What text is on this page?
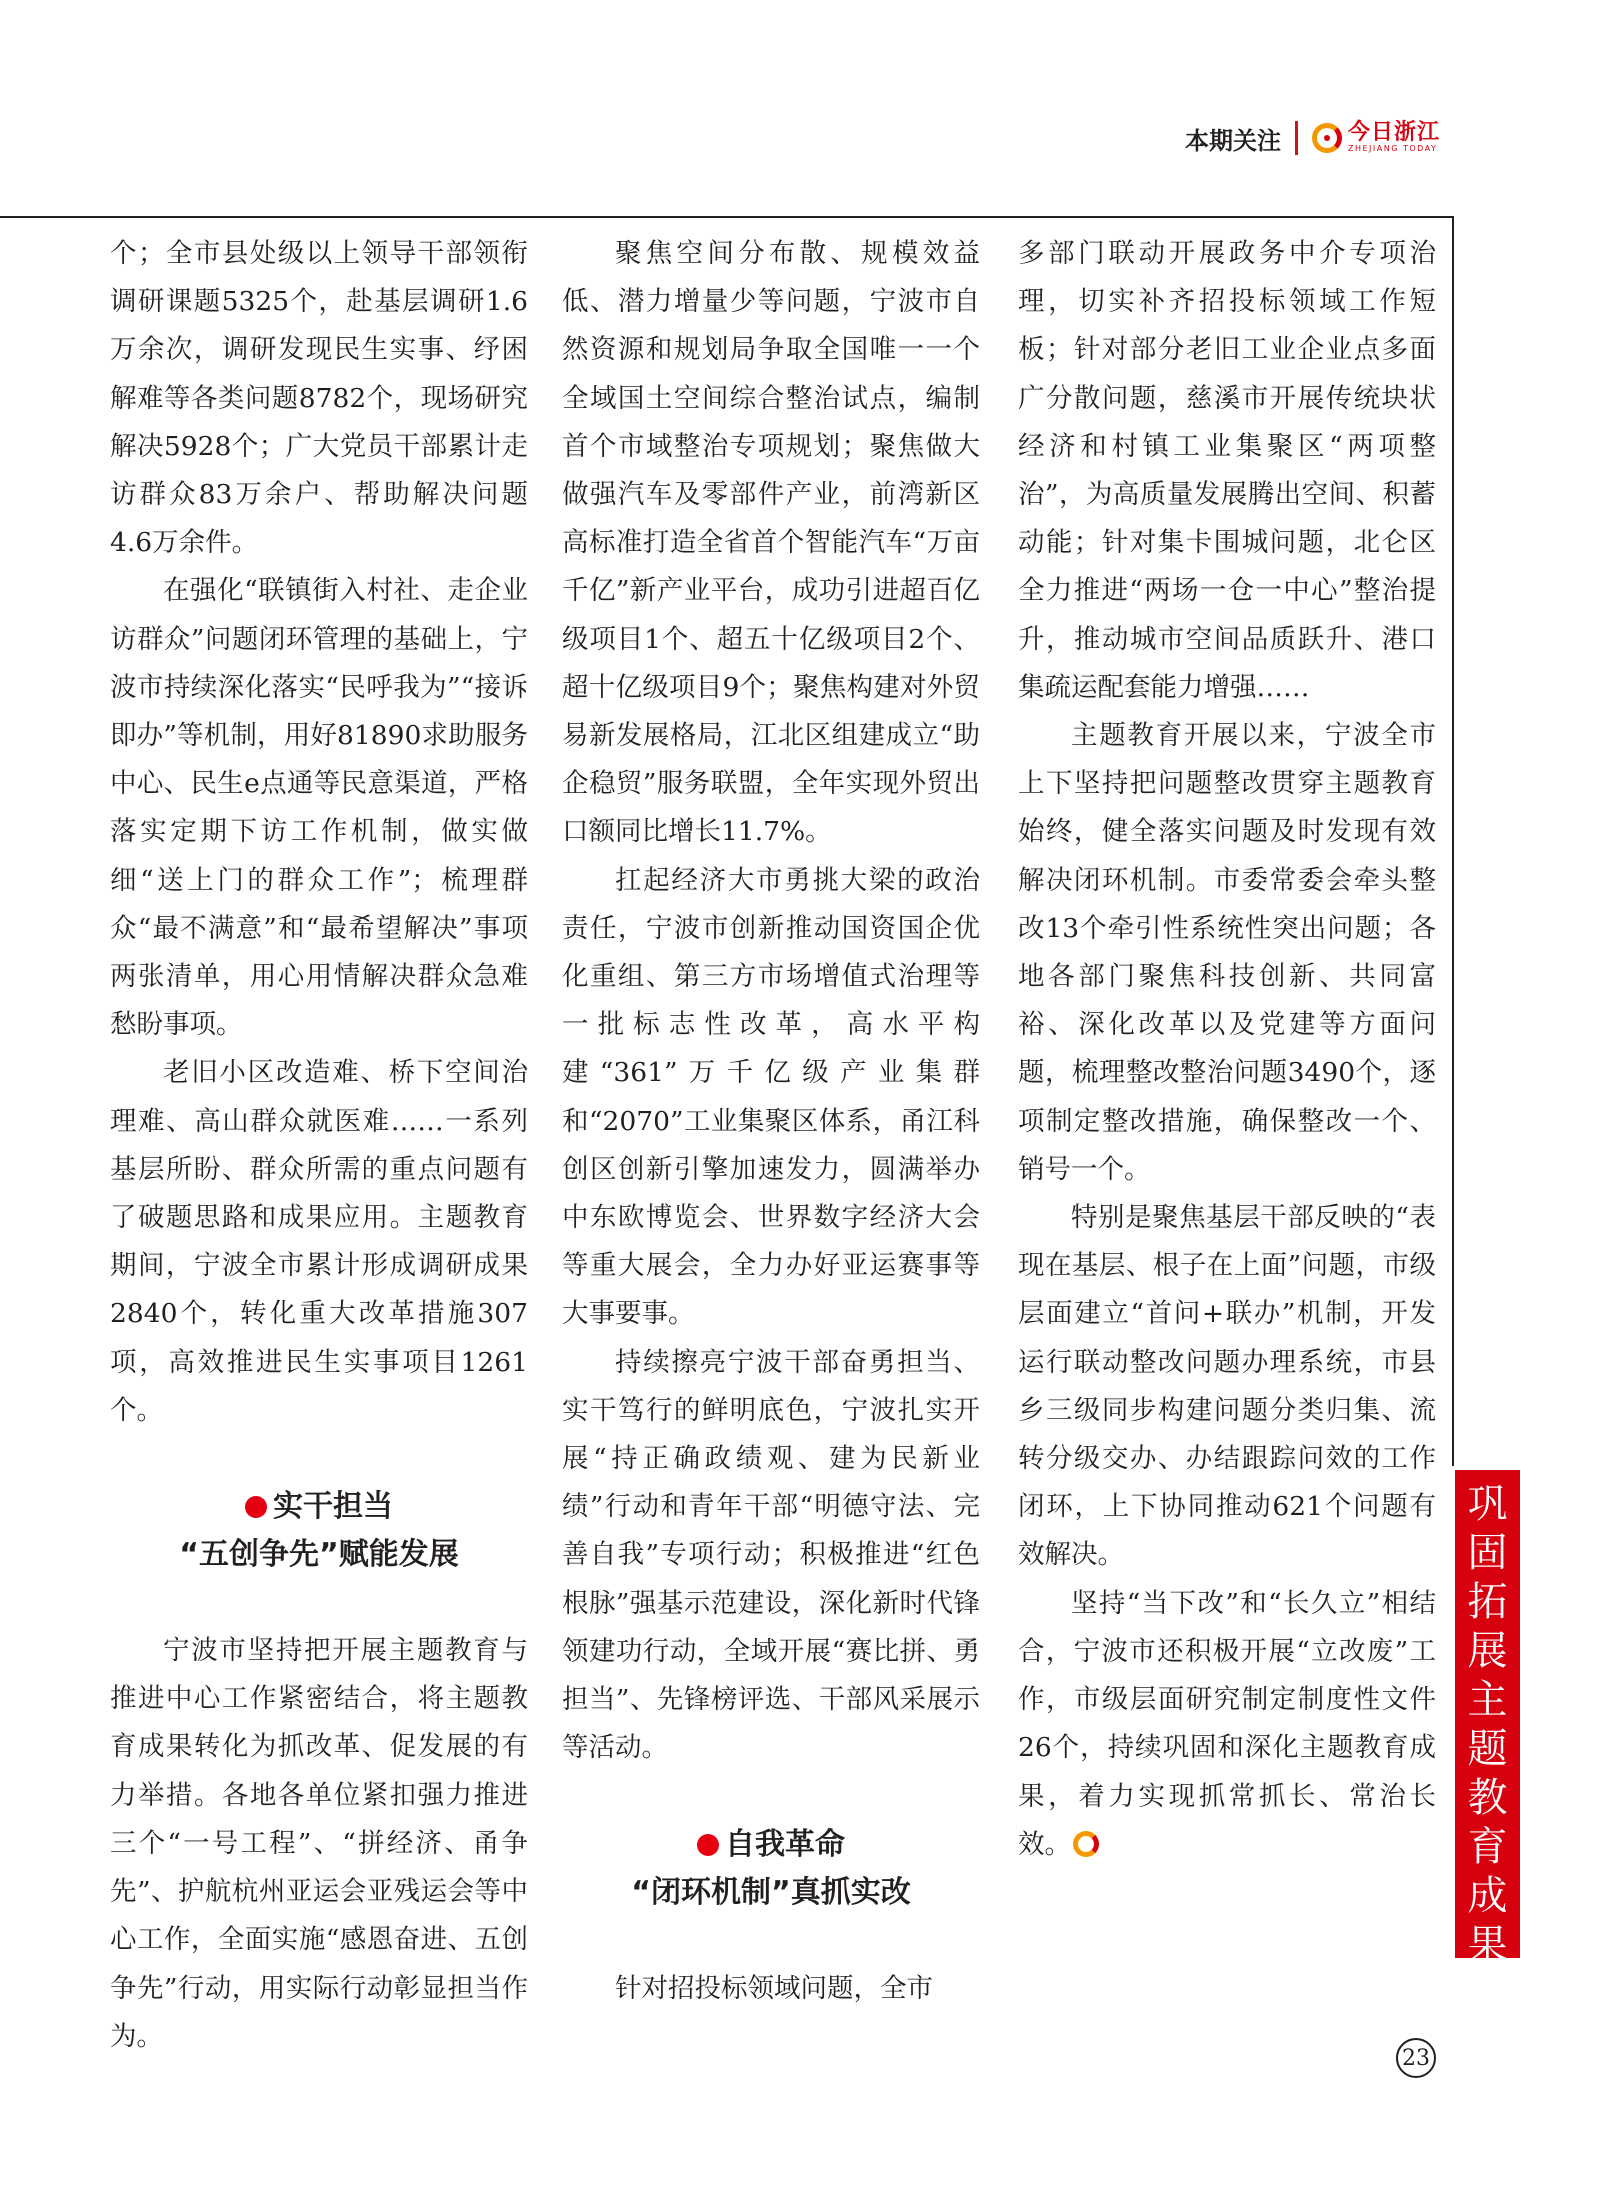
本期关注	今日浙江
ZHEJIANG TODAY

个；全市县处级以上领导干部领衔调研课题5325个，赴基层调研1.6万余次，调研发现民生实事、纾困解难等各类问题8782个，现场研究解决5928个；广大党员干部累计走访群众83万余户、帮助解决问题4.6万余件。

在强化“联镇街入村社、走企业访群众”问题闭环管理的基础上，宁波市持续深化落实“民呼我为”“接诉即办”等机制，用好81890求助服务中心、民生e点通等民意渠道，严格落实定期下访工作机制，做实做细“送上门的群众工作”；梳理群众“最不满意”和“最希望解决”事项两张清单，用心用情解决群众急难愁盼事项。

老旧小区改造难、桥下空间治理难、高山群众就医难……一系列基层所盼、群众所需的重点问题有了破题思路和成果应用。主题教育期间，宁波全市累计形成调研成果2840个，转化重大改革措施307项，高效推进民生实事项目1261个。

实干担当
“五创争先”赋能发展

宁波市坚持把开展主题教育与推进中心工作紧密结合，将主题教育成果转化为抓改革、促发展的有力举措。各地各单位紧扣强力推进三个“一号工程”、“拼经济、甬争先”、护航杭州亚运会亚残运会等中心工作，全面实施“感恩奋进、五创争先”行动，用实际行动彰显担当作为。

聚焦空间分布散、规模效益低、潜力增量少等问题，宁波市自然资源和规划局争取全国唯一一个全域国土空间综合整治试点，编制首个市域整治专项规划；聚焦做大做强汽车及零部件产业，前湾新区高标准打造全省首个智能汽车“万亩千亿”新产业平台，成功引进超百亿级项目1个、超五十亿级项目2个、超十亿级项目9个；聚焦构建对外贸易新发展格局，江北区组建成立“助企稳贸”服务联盟，全年实现外贸出口额同比增长11.7%。

扛起经济大市勇挑大梁的政治责任，宁波市创新推动国资国企优化重组、第三方市场增值式治理等一批标志性改革，高水平构建“361”万千亿级产业集群和“2070”工业集聚区体系，甬江科创区创新引擎加速发力，圆满举办中东欧博览会、世界数字经济大会等重大展会，全力办好亚运赛事等大事要事。

持续擦亮宁波干部奋勇担当、实干笃行的鲜明底色，宁波扎实开展“持正确政绩观、建为民新业绩”行动和青年干部“明德守法、完善自我”专项行动；积极推进“红色根脉”强基示范建设，深化新时代锋领建功行动，全域开展“赛比拼、勇担当”、先锋榜评选、干部风采展示等活动。

自我革命
“闭环机制”真抓实改

针对招投标领域问题，全市

多部门联动开展政务中介专项治理，切实补齐招投标领域工作短板；针对部分老旧工业企业点多面广分散问题，慈溪市开展传统块状经济和村镇工业集聚区“两项整治”，为高质量发展腾出空间、积蓄动能；针对集卡围城问题，北仑区全力推进“两场一仓一中心”整治提升，推动城市空间品质跃升、港口集疏运配套能力增强……

主题教育开展以来，宁波全市上下坚持把问题整改贯穿主题教育始终，健全落实问题及时发现有效解决闭环机制。市委常委会牵头整改13个牵引性系统性突出问题；各地各部门聚焦科技创新、共同富裕、深化改革以及党建等方面问题，梳理整改整治问题3490个，逐项制定整改措施，确保整改一个、销号一个。

特别是聚焦基层干部反映的“表现在基层、根子在上面”问题，市级层面建立“首问+联办”机制，开发运行联动整改问题办理系统，市县乡三级同步构建问题分类归集、流转分级交办、办结跟踪问效的工作闭环，上下协同推动621个问题有效解决。

坚持“当下改”和“长久立”相结合，宁波市还积极开展“立改废”工作，市级层面研究制定制度性文件26个，持续巩固和深化主题教育成果，着力实现抓常抓长、常治长效。

巩
固
拓
展
主
题
教
育
成
果
23
